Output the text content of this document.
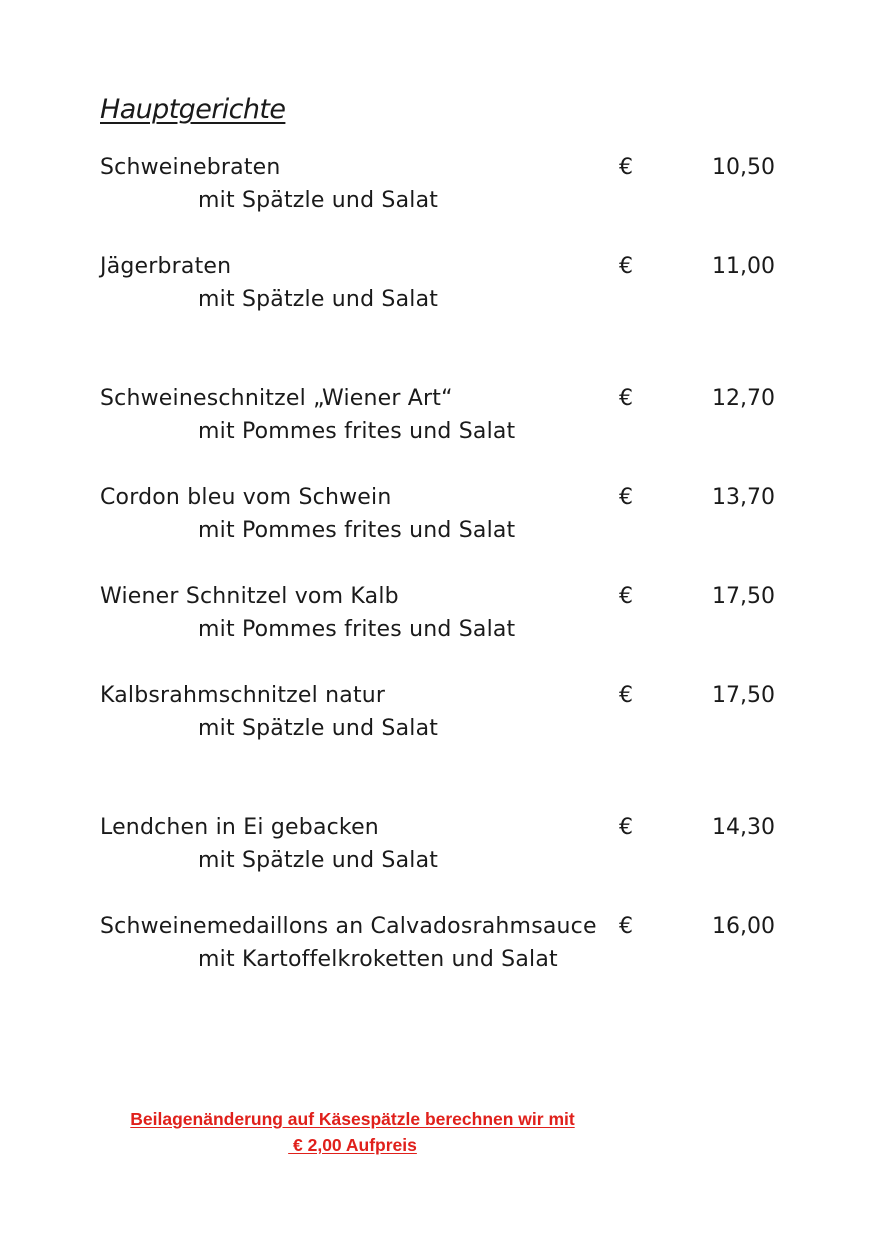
Hauptgerichte
Schweinebraten
mit Spätzle und Salat
€	10,50
Jägerbraten
mit Spätzle und Salat
€	11,00
Schweineschnitzel „Wiener Art“
mit Pommes frites und Salat
€	12,70
Cordon bleu vom Schwein
mit Pommes frites und Salat
€	13,70
Wiener Schnitzel vom Kalb
mit Pommes frites und Salat
€	17,50
Kalbsrahmschnitzel natur
mit Spätzle und Salat
€	17,50
Lendchen in Ei gebacken
mit Spätzle und Salat
€	14,30
Schweinemedaillons an Calvadosrahmsauce
mit Kartoffelkroketten und Salat
€	16,00
Beilagenänderung auf Käsespätzle berechnen wir mit
€ 2,00 Aufpreis
